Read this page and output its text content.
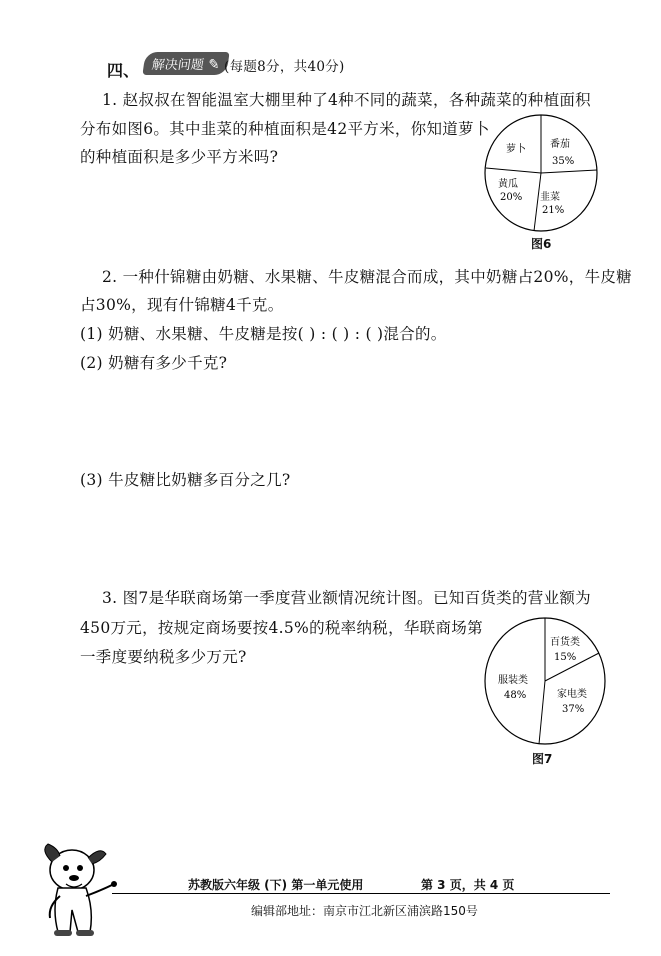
四、 解决问题 ✎ (每题8分，共40分)
1. 赵叔叔在智能温室大棚里种了4种不同的蔬菜，各种蔬菜的种植面积
分布如图6。其中韭菜的种植面积是42平方米，你知道萝卜
的种植面积是多少平方米吗?	萝卜 番茄
35%
黄瓜
20% 韭菜
21%
图6
2. 一种什锦糖由奶糖、水果糖、牛皮糖混合而成，其中奶糖占20%，牛皮糖
占30%，现有什锦糖4千克。
(1) 奶糖、水果糖、牛皮糖是按( ) : ( ) : ( )混合的。
(2) 奶糖有多少千克?
(3) 牛皮糖比奶糖多百分之几?
3. 图7是华联商场第一季度营业额情况统计图。已知百货类的营业额为
450万元，按规定商场要按4.5%的税率纳税，华联商场第
一季度要纳税多少万元?
百货类
15%
服装类
48%	家电类
37%
图7
苏教版六年级 (下) 第一单元使用	第 3 页，共 4 页
编辑部地址：南京市江北新区浦滨路150号
